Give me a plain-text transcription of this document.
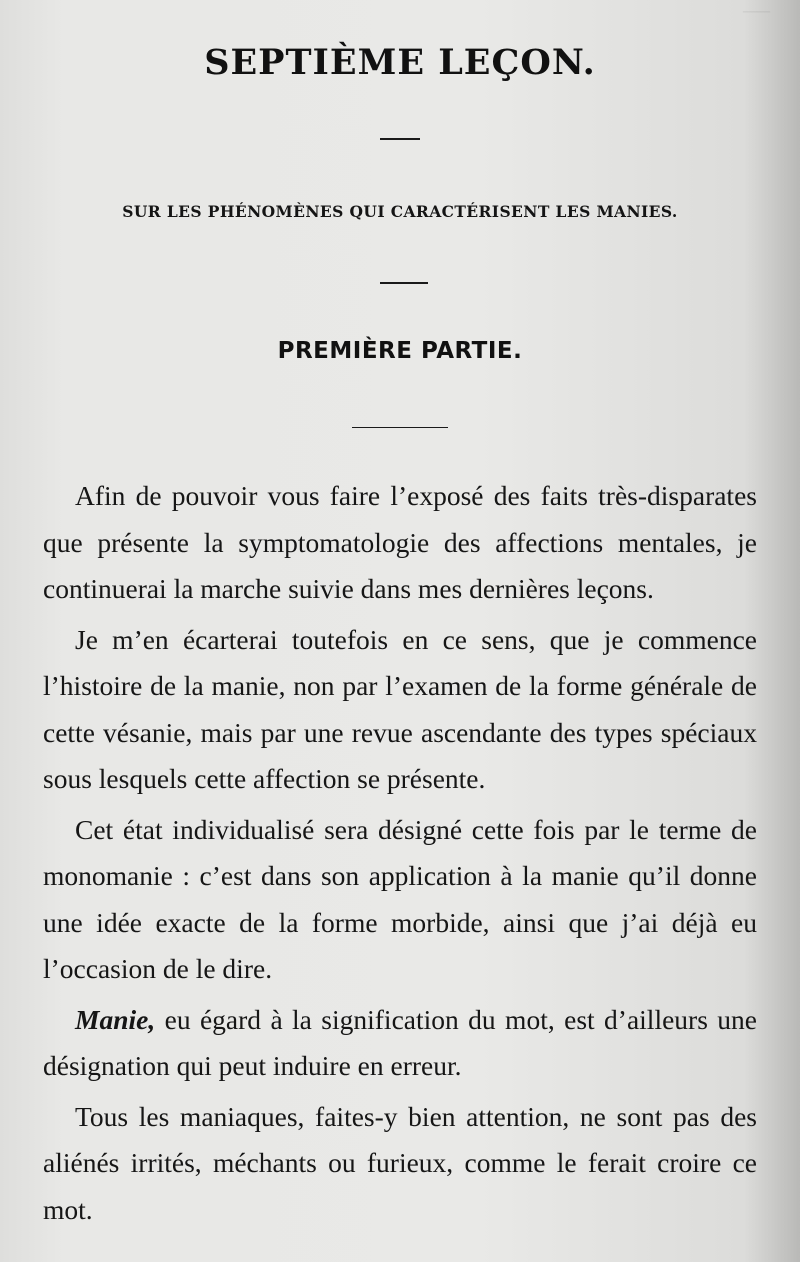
—
SEPTIÈME LEÇON.
SUR LES PHÉNOMÈNES QUI CARACTÉRISENT LES MANIES.
PREMIÈRE PARTIE.

Afin de pouvoir vous faire l’exposé des faits très-disparates que présente la symptomatologie des affections mentales, je continuerai la marche suivie dans mes dernières leçons.

Je m’en écarterai toutefois en ce sens, que je commence l’histoire de la manie, non par l’examen de la forme générale de cette vésanie, mais par une revue ascendante des types spéciaux sous lesquels cette affection se présente.

Cet état individualisé sera désigné cette fois par le terme de monomanie : c’est dans son application à la manie qu’il donne une idée exacte de la forme morbide, ainsi que j’ai déjà eu l’occasion de le dire.

Manie, eu égard à la signification du mot, est d’ailleurs une désignation qui peut induire en erreur.

Tous les maniaques, faites-y bien attention, ne sont pas des aliénés irrités, méchants ou furieux, comme le ferait croire ce mot.
